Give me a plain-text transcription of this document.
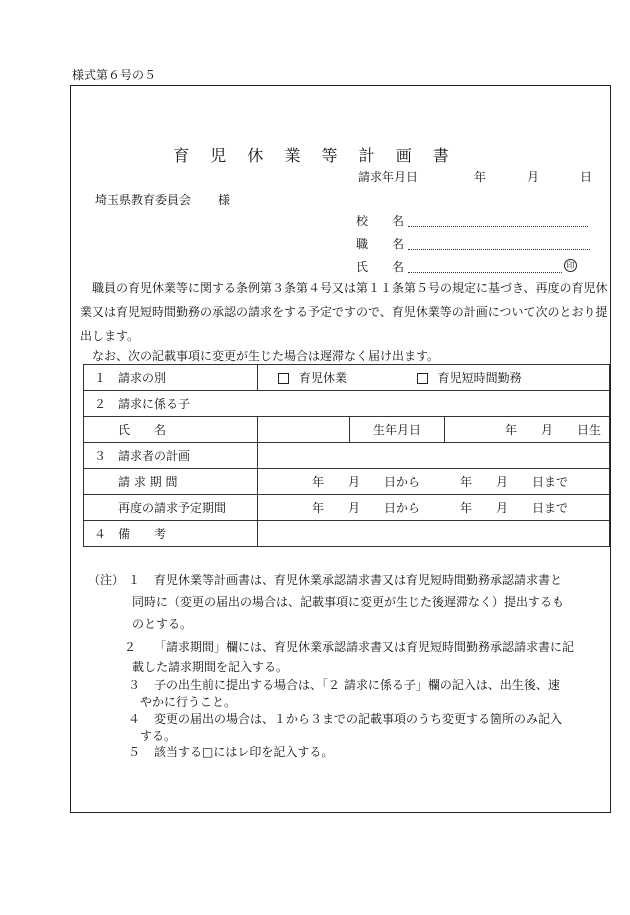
様式第６号の５
育 児 休 業 等 計 画 書
請求年月日	年	月	日
埼玉県教育委員会 様
校　　名
職　　名
氏　　名	印
　職員の育児休業等に関する条例第３条第４号又は第１１条第５号の規定に基づき、再度の育児休業又は育児短時間勤務の承認の請求をする予定ですので、育児休業等の計画について次のとおり提出します。
　なお、次の記載事項に変更が生じた場合は遅滞なく届け出ます。
１　請求の別	育児休業 育児短時間勤務		
２　請求に係る子			
氏　　名		生年月日	年　　月　　日生
３　請求者の計画			
請 求 期 間	年　　月　　日から 年　　月　　日まで		
再度の請求予定期間	年　　月　　日から 年　　月　　日まで		
４　備　　考			
（注） １ 育児休業等計画書は、育児休業承認請求書又は育児短時間勤務承認請求書と
同時に（変更の届出の場合は、記載事項に変更が生じた後遅滞なく）提出するも
のとする。
２ 「請求期間」欄には、育児休業承認請求書又は育児短時間勤務承認請求書に記
載した請求期間を記入する。
３ 子の出生前に提出する場合は、「２ 請求に係る子」欄の記入は、出生後、速
やかに行うこと。
４ 変更の届出の場合は、１から３までの記載事項のうち変更する箇所のみ記入
する。
５ 該当する□にはレ印を記入する。
